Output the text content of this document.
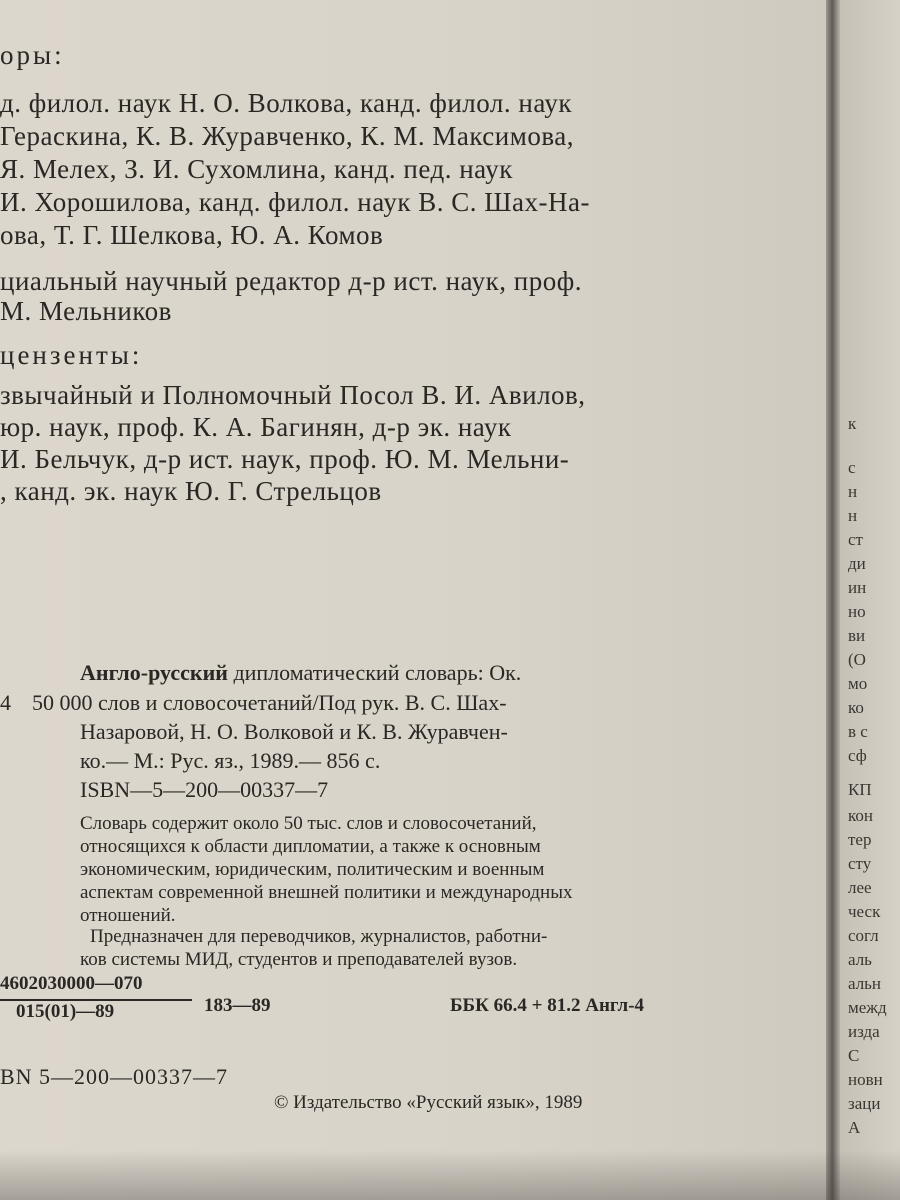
оры:

д. филол. наук Н. О. Волкова, канд. филол. наук

Гераскина, К. В. Журавченко, К. М. Максимова,

Я. Мелех, З. И. Сухомлина, канд. пед. наук

И. Хорошилова, канд. филол. наук В. С. Шах-На-

ова, Т. Г. Шелкова, Ю. А. Комов

циальный научный редактор д-р ист. наук, проф.

М. Мельников

цензенты:

звычайный и Полномочный Посол В. И. Авилов,

юр. наук, проф. К. А. Багинян, д-р эк. наук

И. Бельчук, д-р ист. наук, проф. Ю. М. Мельни-

, канд. эк. наук Ю. Г. Стрельцов

Англо-русский дипломатический словарь: Ок.

4 50 000 слов и словосочетаний/Под рук. В. С. Шах-

Назаровой, Н. О. Волковой и К. В. Журавчен-

ко.— М.: Рус. яз., 1989.— 856 с.

ISBN—5—200—00337—7

Словарь содержит около 50 тыс. слов и словосочетаний,

относящихся к области дипломатии, а также к основным

экономическим, юридическим, политическим и военным

аспектам современной внешней политики и международных

отношений.

Предназначен для переводчиков, журналистов, работни-

ков системы МИД, студентов и преподавателей вузов.

4602030000—070

015(01)—89	183—89	ББК 66.4 + 81.2 Англ-4

BN 5—200—00337—7

© Издательство «Русский язык», 1989

к
с
н
н
ст
ди
ин
но
ви
(О
мо
ко
в с
сф
КП
кон
тер
сту
лее
ческ
согл
аль
альн
межд
изда
С
новн
заци
А
